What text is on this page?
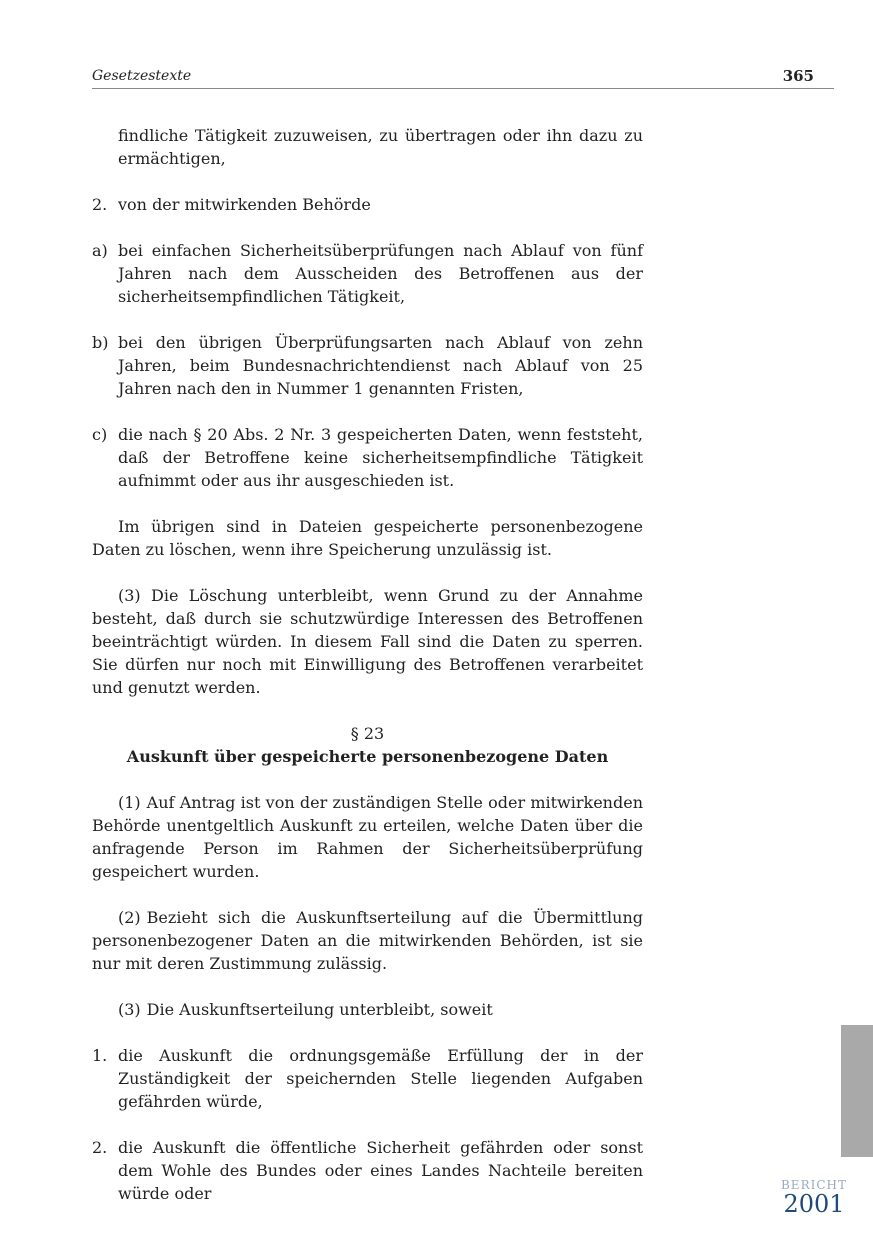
Gesetzestexte	365

findliche Tätigkeit zuzuweisen, zu übertragen oder ihn dazu zu ermächtigen,

2. von der mitwirkenden Behörde
a) bei einfachen Sicherheitsüberprüfungen nach Ablauf von fünf Jahren nach dem Ausscheiden des Betroffenen aus der sicherheitsempfindlichen Tätigkeit,
b) bei den übrigen Überprüfungsarten nach Ablauf von zehn Jahren, beim Bundesnachrichtendienst nach Ablauf von 25 Jahren nach den in Nummer 1 genannten Fristen,
c) die nach § 20 Abs. 2 Nr. 3 gespeicherten Daten, wenn feststeht, daß der Betroffene keine sicherheitsempfindliche Tätigkeit aufnimmt oder aus ihr ausgeschieden ist.

Im übrigen sind in Dateien gespeicherte personenbezogene Daten zu löschen, wenn ihre Speicherung unzulässig ist.

(3) Die Löschung unterbleibt, wenn Grund zu der Annahme besteht, daß durch sie schutzwürdige Interessen des Betroffenen beeinträchtigt würden. In diesem Fall sind die Daten zu sperren. Sie dürfen nur noch mit Einwilligung des Betroffenen verarbeitet und genutzt werden.

§ 23

Auskunft über gespeicherte personenbezogene Daten

(1) Auf Antrag ist von der zuständigen Stelle oder mitwirkenden Behörde unentgeltlich Auskunft zu erteilen, welche Daten über die anfragende Person im Rahmen der Sicherheitsüberprüfung gespeichert wurden.

(2) Bezieht sich die Auskunftserteilung auf die Übermittlung personenbezogener Daten an die mitwirkenden Behörden, ist sie nur mit deren Zustimmung zulässig.

(3) Die Auskunftserteilung unterbleibt, soweit

1. die Auskunft die ordnungsgemäße Erfüllung der in der Zuständigkeit der speichernden Stelle liegenden Aufgaben gefährden würde,
2. die Auskunft die öffentliche Sicherheit gefährden oder sonst dem Wohle des Bundes oder eines Landes Nachteile bereiten würde oder	BERICHT
2001
